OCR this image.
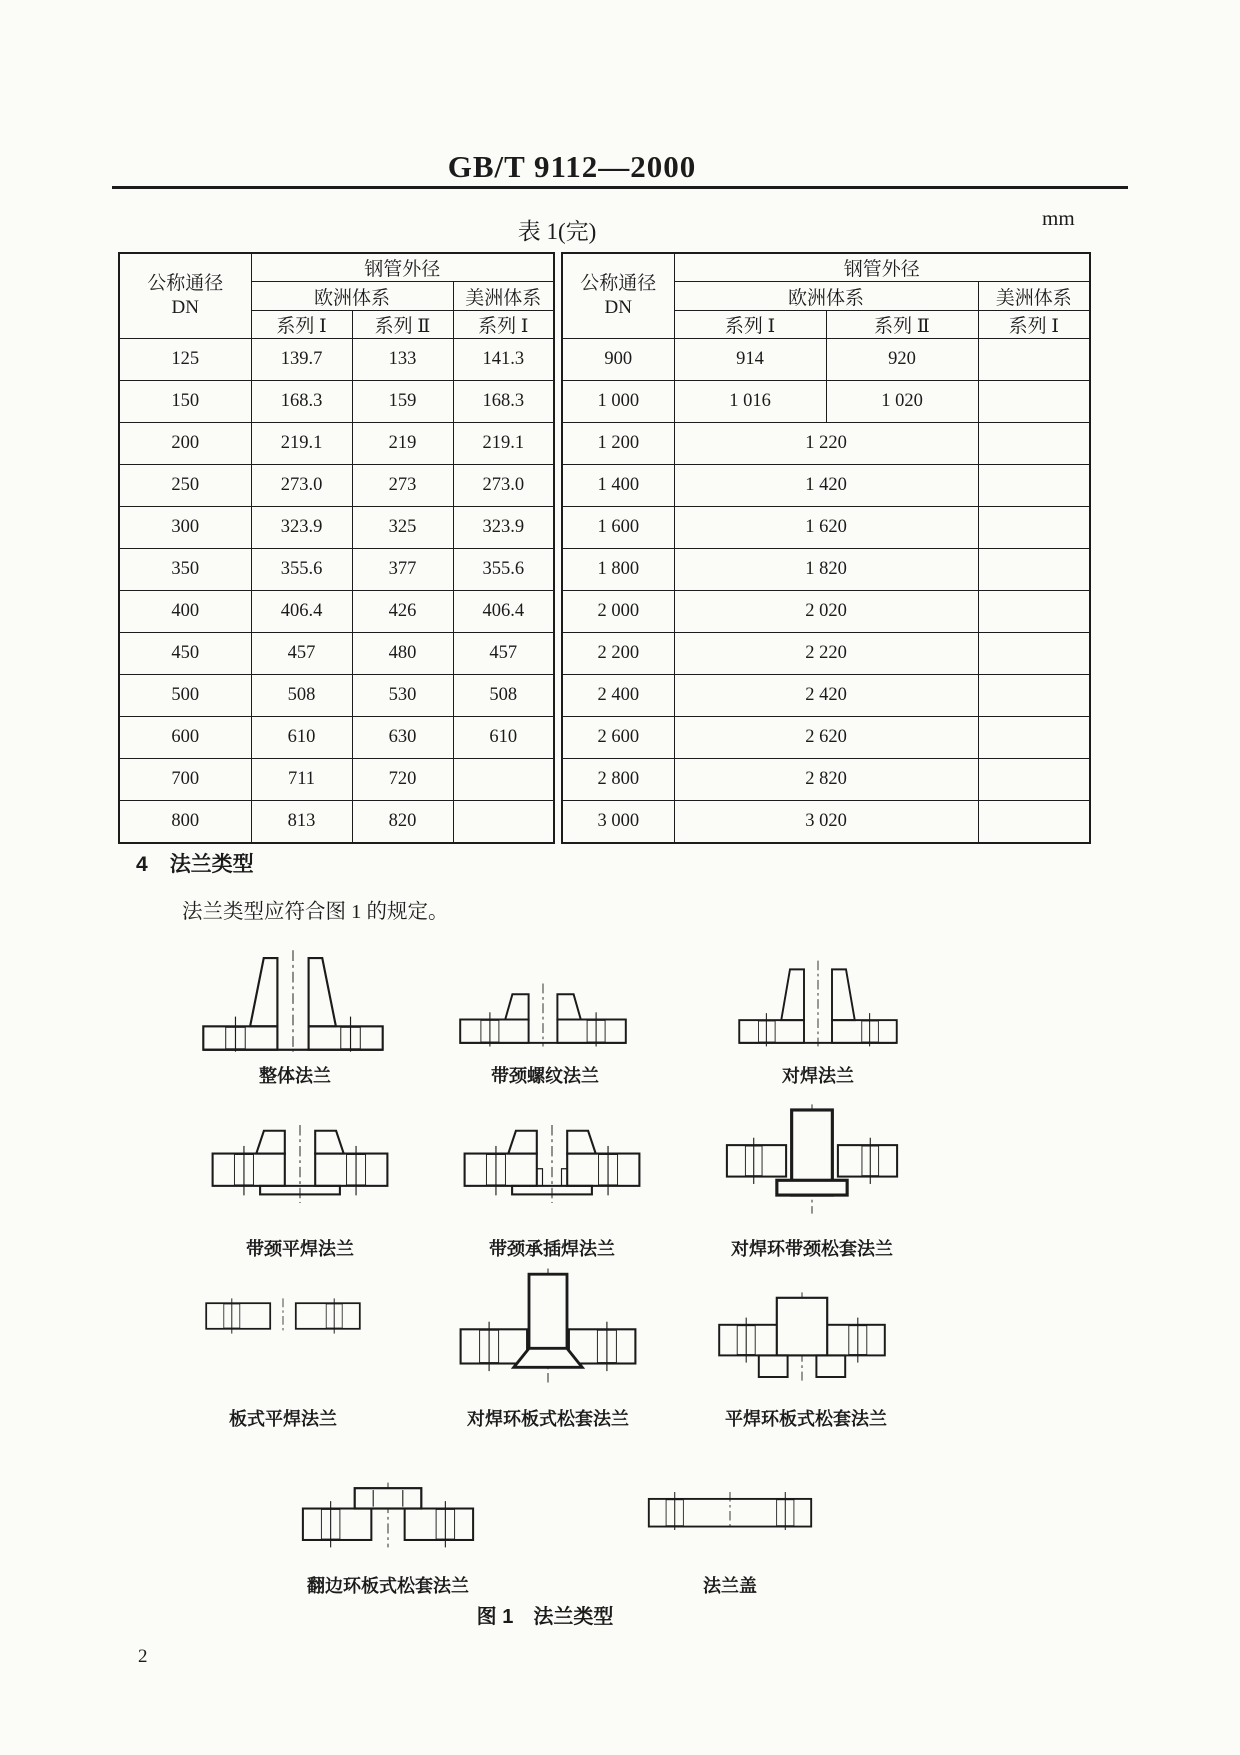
GB/T 9112—2000
表 1(完)
mm
公称通径
DN	钢管外径		
	欧洲体系		美洲体系
	系列 Ⅰ	系列 Ⅱ	系列 Ⅰ
125	139.7	133	141.3
150	168.3	159	168.3
200	219.1	219	219.1
250	273.0	273	273.0
300	323.9	325	323.9
350	355.6	377	355.6
400	406.4	426	406.4
450	457	480	457
500	508	530	508
600	610	630	610
700	711	720	
800	813	820	
公称通径
DN	钢管外径		
	欧洲体系		美洲体系
	系列 Ⅰ	系列 Ⅱ	系列 Ⅰ
900	914	920	
1 000	1 016	1 020	
1 200	1 220		
1 400	1 420		
1 600	1 620		
1 800	1 820		
2 000	2 020		
2 200	2 220		
2 400	2 420		
2 600	2 620		
2 800	2 820		
3 000	3 020		
4 法兰类型
法兰类型应符合图 1 的规定。
整体法兰	带颈螺纹法兰	对焊法兰
带颈平焊法兰	带颈承插焊法兰	对焊环带颈松套法兰
板式平焊法兰	对焊环板式松套法兰	平焊环板式松套法兰
翻边环板式松套法兰	法兰盖
图 1　法兰类型
2
